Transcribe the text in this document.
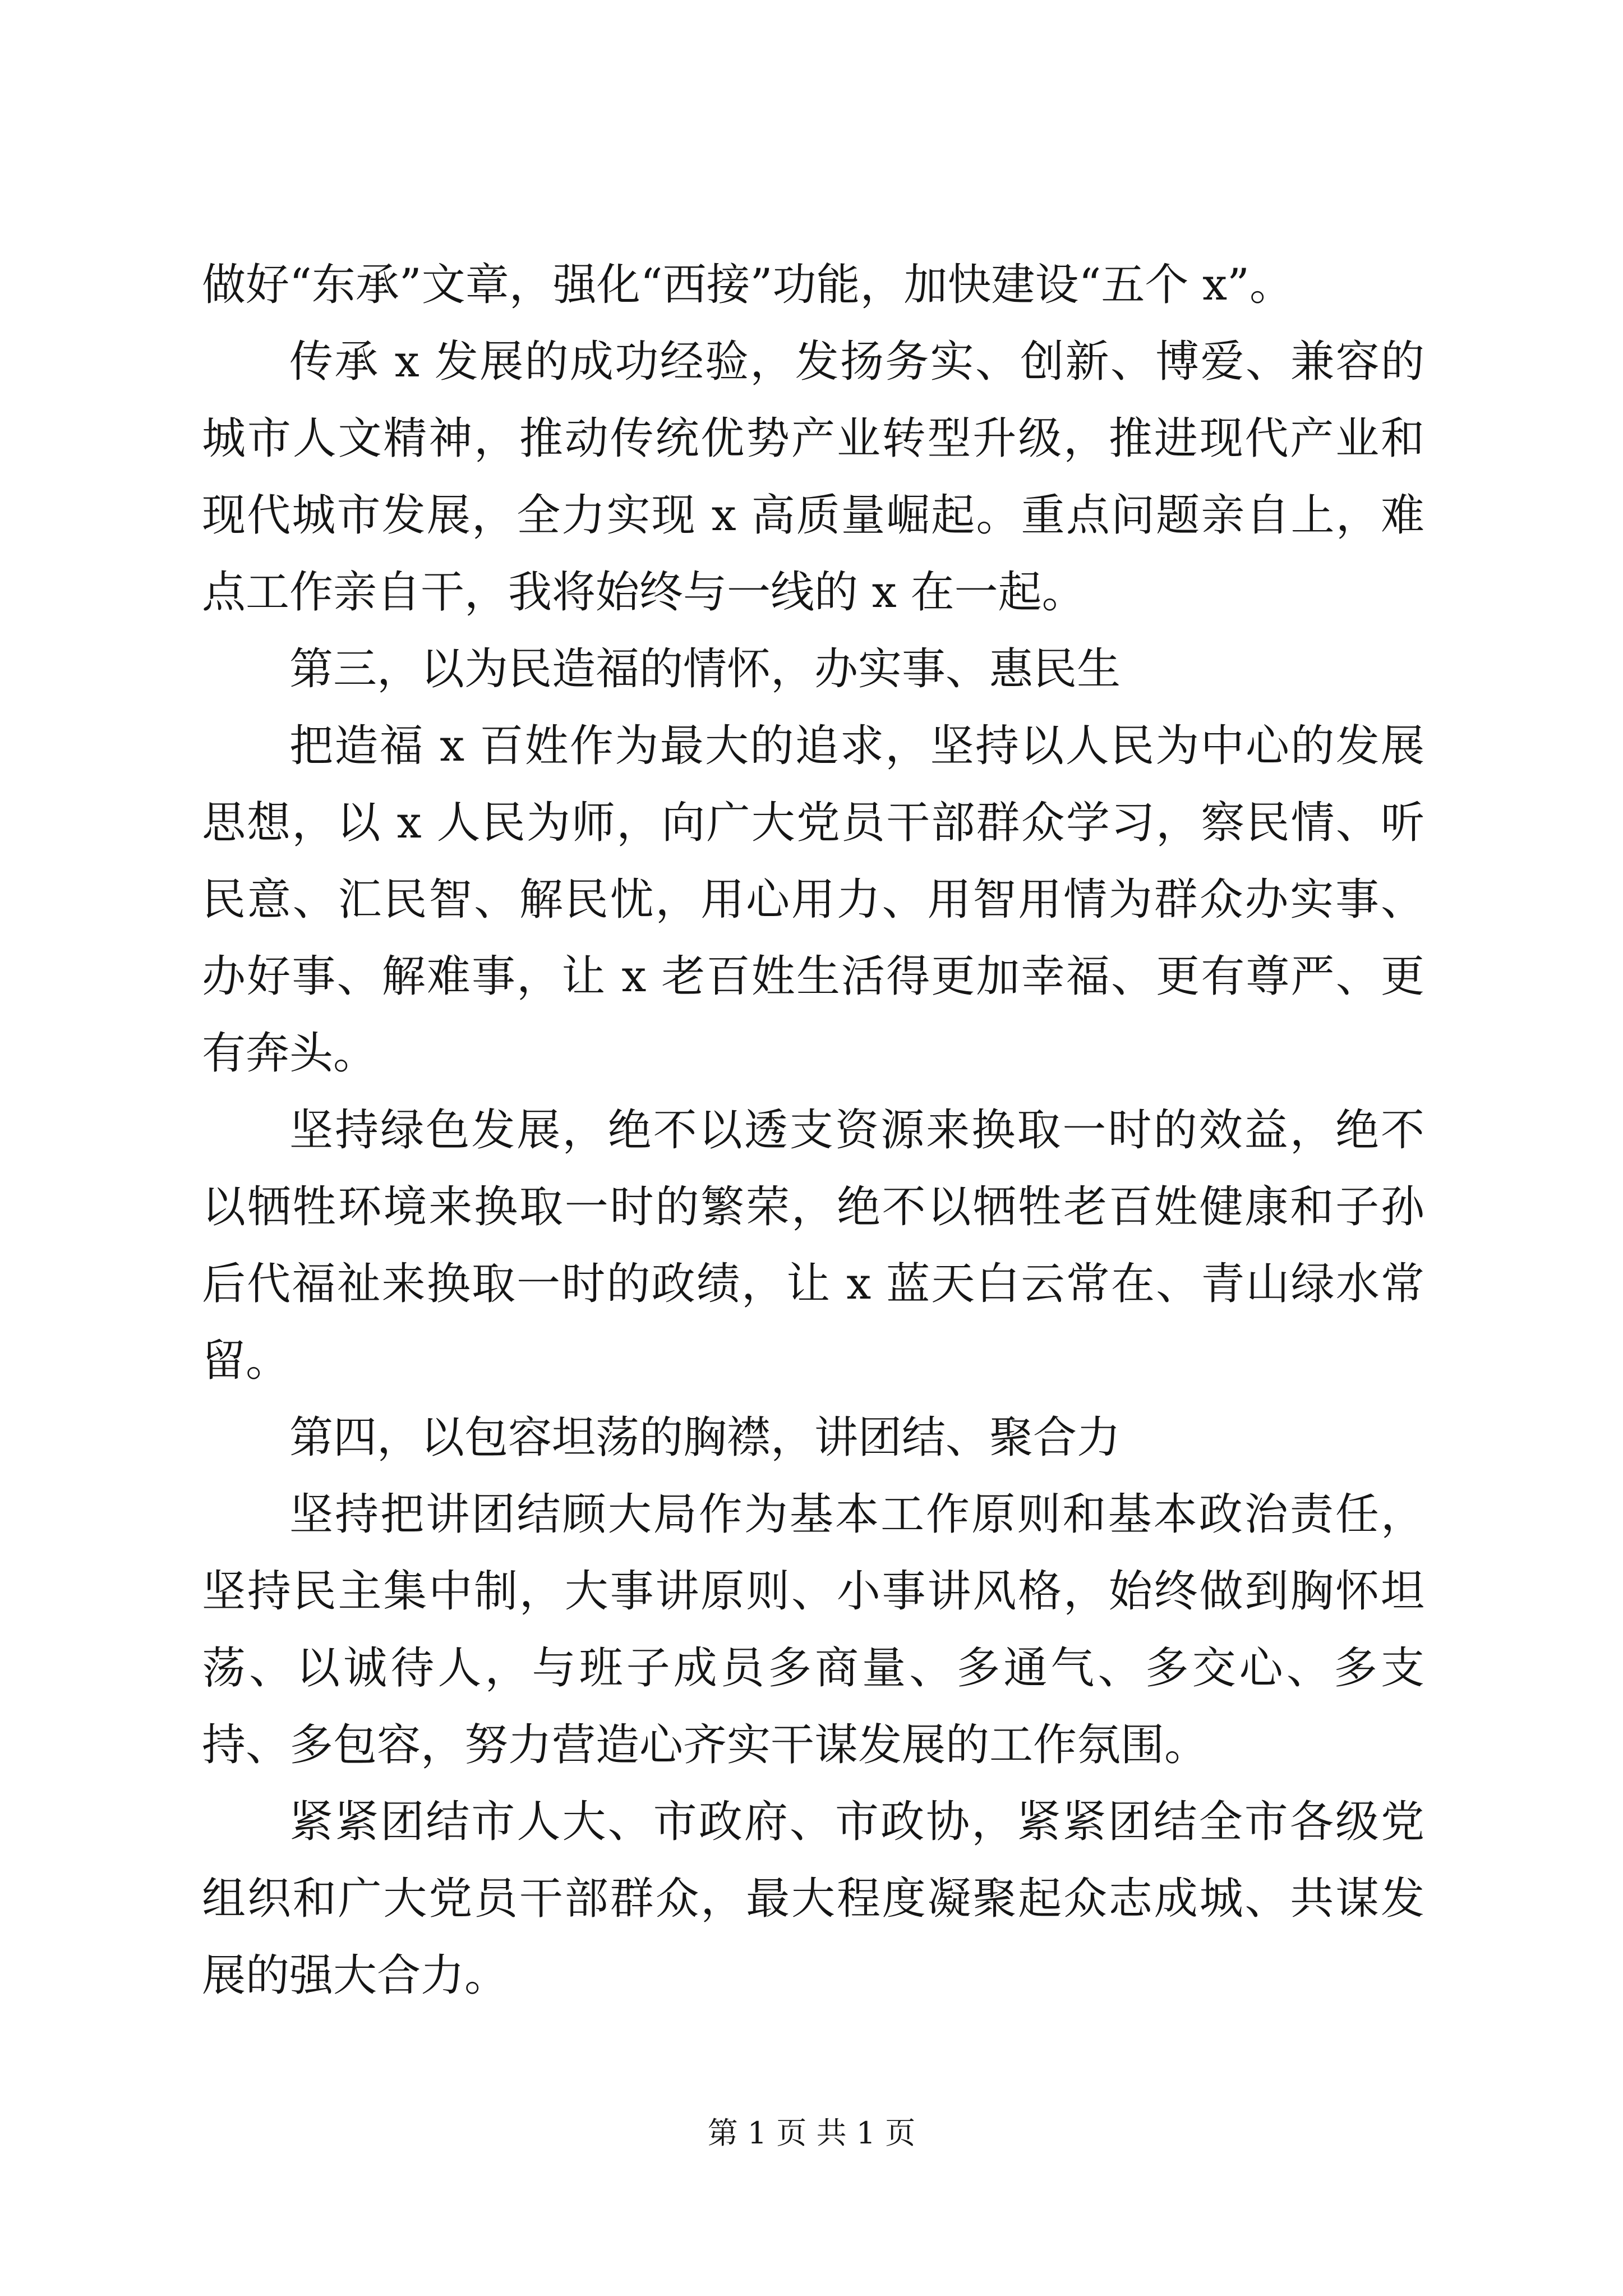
做好“东承”文章，强化“西接”功能，加快建设“五个 x”。

传承 x 发展的成功经验，发扬务实、创新、博爱、兼容的城市人文精神，推动传统优势产业转型升级，推进现代产业和现代城市发展，全力实现 x 高质量崛起。重点问题亲自上，难点工作亲自干，我将始终与一线的 x 在一起。

第三，以为民造福的情怀，办实事、惠民生

把造福 x 百姓作为最大的追求，坚持以人民为中心的发展思想，以 x 人民为师，向广大党员干部群众学习，察民情、听民意、汇民智、解民忧，用心用力、用智用情为群众办实事、办好事、解难事，让 x 老百姓生活得更加幸福、更有尊严、更有奔头。

坚持绿色发展，绝不以透支资源来换取一时的效益，绝不以牺牲环境来换取一时的繁荣，绝不以牺牲老百姓健康和子孙后代福祉来换取一时的政绩，让 x 蓝天白云常在、青山绿水常留。

第四，以包容坦荡的胸襟，讲团结、聚合力

坚持把讲团结顾大局作为基本工作原则和基本政治责任，坚持民主集中制，大事讲原则、小事讲风格，始终做到胸怀坦荡、以诚待人，与班子成员多商量、多通气、多交心、多支持、多包容，努力营造心齐实干谋发展的工作氛围。

紧紧团结市人大、市政府、市政协，紧紧团结全市各级党组织和广大党员干部群众，最大程度凝聚起众志成城、共谋发展的强大合力。

第 1 页 共 1 页
